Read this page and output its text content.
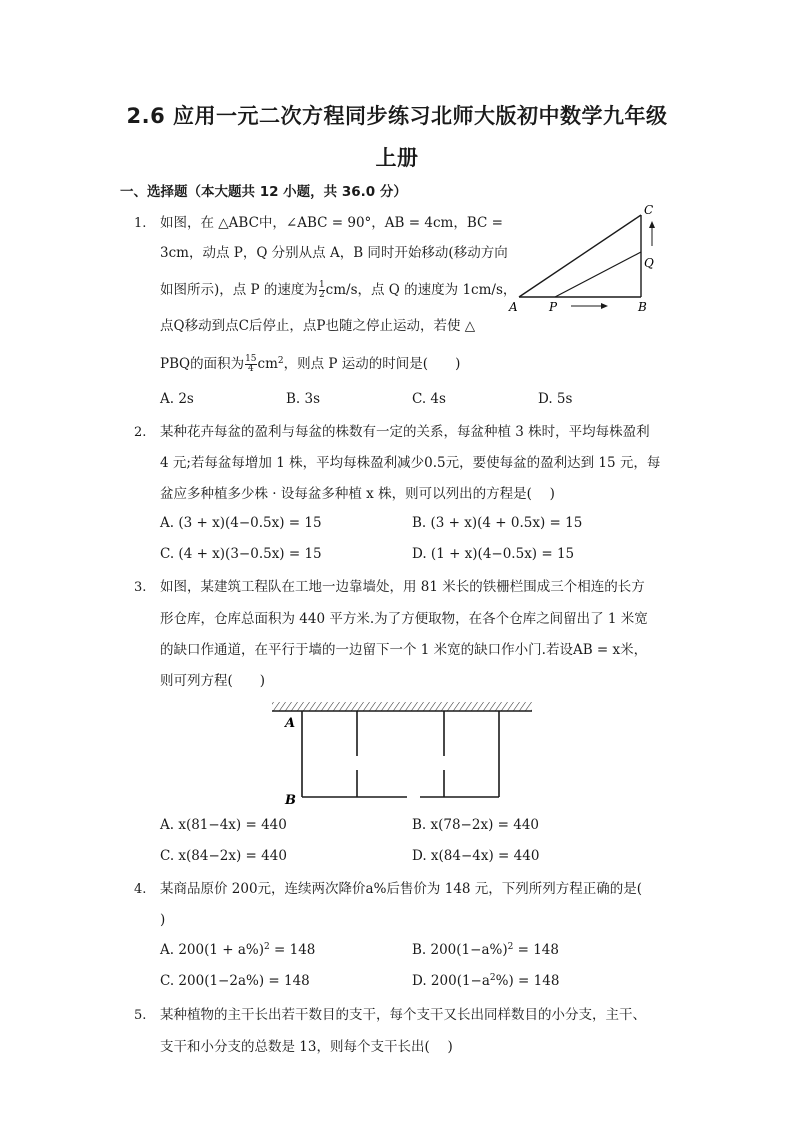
2.6 应用一元二次方程同步练习北师大版初中数学九年级
上册
一、选择题（本大题共 12 小题，共 36.0 分）
1. 如图，在 △ABC中，∠ABC = 90°，AB = 4cm，BC =
3cm，动点 P，Q 分别从点 A，B 同时开始移动(移动方向
如图所示)，点 P 的速度为 $\frac{1}{2} cm/s$，点 Q 的速度为 1cm/s，
点Q移动到点C后停止，点P也随之停止运动，若使 △
PBQ的面积为 $\frac{15}{4} cm^2$，则点 P 运动的时间是(　　)
A. 2s	B. 3s	C. 4s	D. 5s
A	P	B
Q
C
2. 某种花卉每盆的盈利与每盆的株数有一定的关系，每盆种植 3 株时，平均每株盈利
4 元;若每盆每增加 1 株，平均每株盈利减少0.5元，要使每盆的盈利达到 15 元，每
盆应多种植多少株 · 设每盆多种植 x 株，则可以列出的方程是(　 )
A. (3 + x)(4−0.5x) = 15	B. (3 + x)(4 + 0.5x) = 15
C. (4 + x)(3−0.5x) = 15	D. (1 + x)(4−0.5x) = 15
3. 如图，某建筑工程队在工地一边靠墙处，用 81 米长的铁栅栏围成三个相连的长方
形仓库，仓库总面积为 440 平方米.为了方便取物，在各个仓库之间留出了 1 米宽
的缺口作通道，在平行于墙的一边留下一个 1 米宽的缺口作小门.若设AB = x米，
则可列方程(　　)
A
B
A. x(81−4x) = 440	B. x(78−2x) = 440
C. x(84−2x) = 440	D. x(84−4x) = 440
4. 某商品原价 200元，连续两次降价a%后售价为 148 元，下列所列方程正确的是(
)
A. $200(1 + a\%)^2 = 148$	B. $200(1-a\%)^2 = 148$
C. 200(1−2a%) = 148	D. $200(1-a^2\%) = 148$
5. 某种植物的主干长出若干数目的支干，每个支干又长出同样数目的小分支，主干、
支干和小分支的总数是 13，则每个支干长出(　 )
